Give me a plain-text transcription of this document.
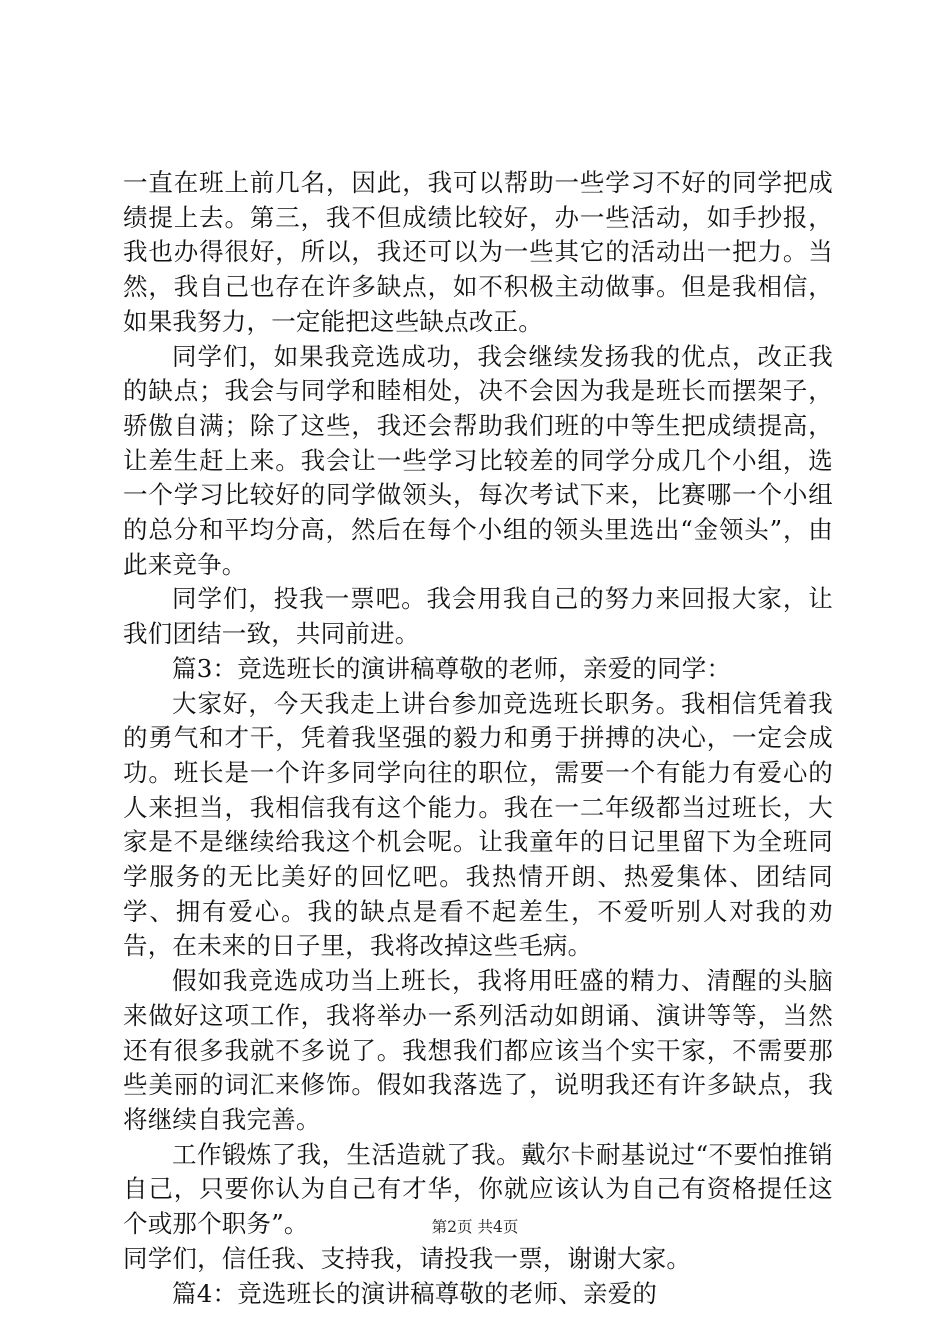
一直在班上前几名，因此，我可以帮助一些学习不好的同学把成绩提上去。第三，我不但成绩比较好，办一些活动，如手抄报，我也办得很好，所以，我还可以为一些其它的活动出一把力。当然，我自己也存在许多缺点，如不积极主动做事。但是我相信，如果我努力，一定能把这些缺点改正。

同学们，如果我竞选成功，我会继续发扬我的优点，改正我的缺点；我会与同学和睦相处，决不会因为我是班长而摆架子，骄傲自满；除了这些，我还会帮助我们班的中等生把成绩提高，让差生赶上来。我会让一些学习比较差的同学分成几个小组，选一个学习比较好的同学做领头，每次考试下来，比赛哪一个小组的总分和平均分高，然后在每个小组的领头里选出“金领头”，由此来竞争。

同学们，投我一票吧。我会用我自己的努力来回报大家，让我们团结一致，共同前进。

篇3：竞选班长的演讲稿尊敬的老师，亲爱的同学：

大家好，今天我走上讲台参加竞选班长职务。我相信凭着我的勇气和才干，凭着我坚强的毅力和勇于拼搏的决心，一定会成功。班长是一个许多同学向往的职位，需要一个有能力有爱心的人来担当，我相信我有这个能力。我在一二年级都当过班长，大家是不是继续给我这个机会呢。让我童年的日记里留下为全班同学服务的无比美好的回忆吧。我热情开朗、热爱集体、团结同学、拥有爱心。我的缺点是看不起差生，不爱听别人对我的劝告，在未来的日子里，我将改掉这些毛病。

假如我竞选成功当上班长，我将用旺盛的精力、清醒的头脑来做好这项工作，我将举办一系列活动如朗诵、演讲等等，当然还有很多我就不多说了。我想我们都应该当个实干家，不需要那些美丽的词汇来修饰。假如我落选了，说明我还有许多缺点，我将继续自我完善。

工作锻炼了我，生活造就了我。戴尔卡耐基说过“不要怕推销自己，只要你认为自己有才华，你就应该认为自己有资格提任这个或那个职务”。

同学们，信任我、支持我，请投我一票，谢谢大家。

篇4：竞选班长的演讲稿尊敬的老师、亲爱的

第2页 共4页
